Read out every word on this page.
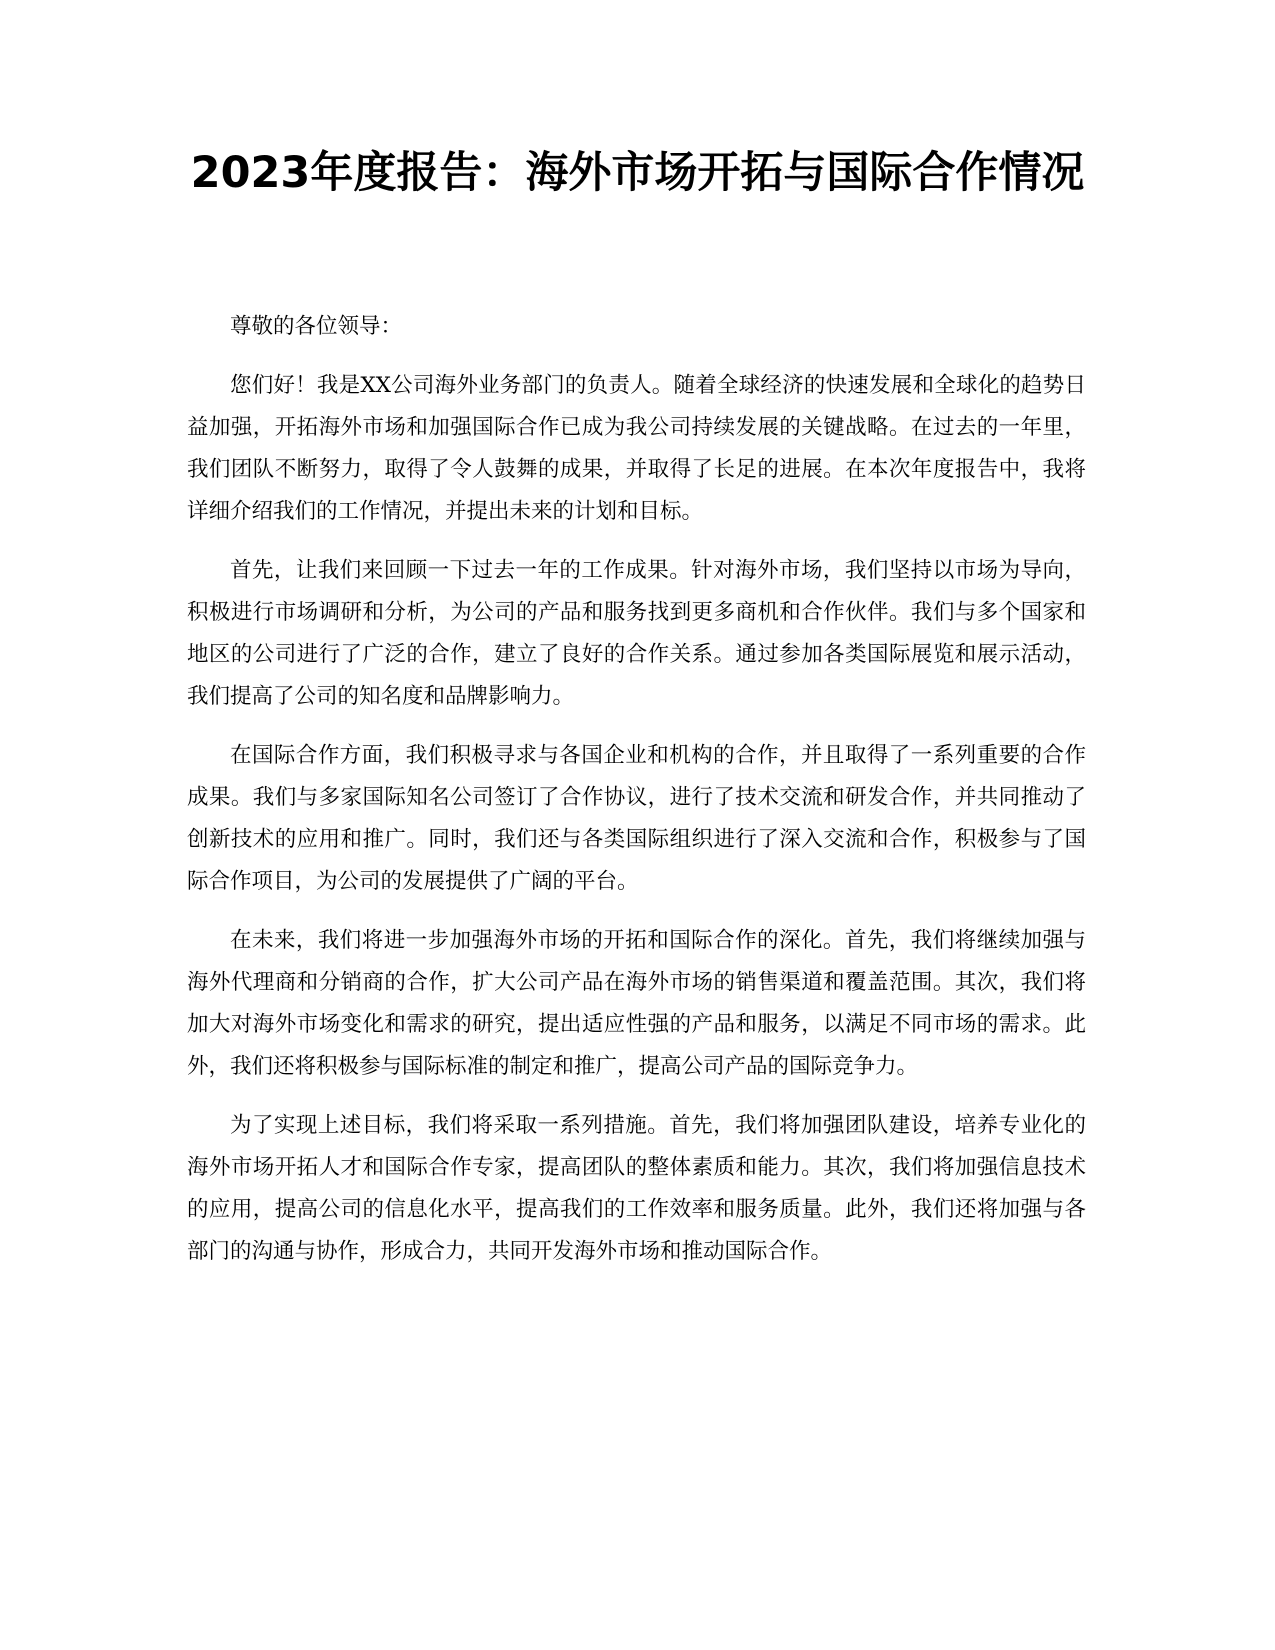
2023年度报告：海外市场开拓与国际合作情况

尊敬的各位领导：

您们好！我是XX公司海外业务部门的负责人。随着全球经济的快速发展和全球化的趋势日益加强，开拓海外市场和加强国际合作已成为我公司持续发展的关键战略。在过去的一年里，我们团队不断努力，取得了令人鼓舞的成果，并取得了长足的进展。在本次年度报告中，我将详细介绍我们的工作情况，并提出未来的计划和目标。

首先，让我们来回顾一下过去一年的工作成果。针对海外市场，我们坚持以市场为导向，积极进行市场调研和分析，为公司的产品和服务找到更多商机和合作伙伴。我们与多个国家和地区的公司进行了广泛的合作，建立了良好的合作关系。通过参加各类国际展览和展示活动，我们提高了公司的知名度和品牌影响力。

在国际合作方面，我们积极寻求与各国企业和机构的合作，并且取得了一系列重要的合作成果。我们与多家国际知名公司签订了合作协议，进行了技术交流和研发合作，并共同推动了创新技术的应用和推广。同时，我们还与各类国际组织进行了深入交流和合作，积极参与了国际合作项目，为公司的发展提供了广阔的平台。

在未来，我们将进一步加强海外市场的开拓和国际合作的深化。首先，我们将继续加强与海外代理商和分销商的合作，扩大公司产品在海外市场的销售渠道和覆盖范围。其次，我们将加大对海外市场变化和需求的研究，提出适应性强的产品和服务，以满足不同市场的需求。此外，我们还将积极参与国际标准的制定和推广，提高公司产品的国际竞争力。

为了实现上述目标，我们将采取一系列措施。首先，我们将加强团队建设，培养专业化的海外市场开拓人才和国际合作专家，提高团队的整体素质和能力。其次，我们将加强信息技术的应用，提高公司的信息化水平，提高我们的工作效率和服务质量。此外，我们还将加强与各部门的沟通与协作，形成合力，共同开发海外市场和推动国际合作。
